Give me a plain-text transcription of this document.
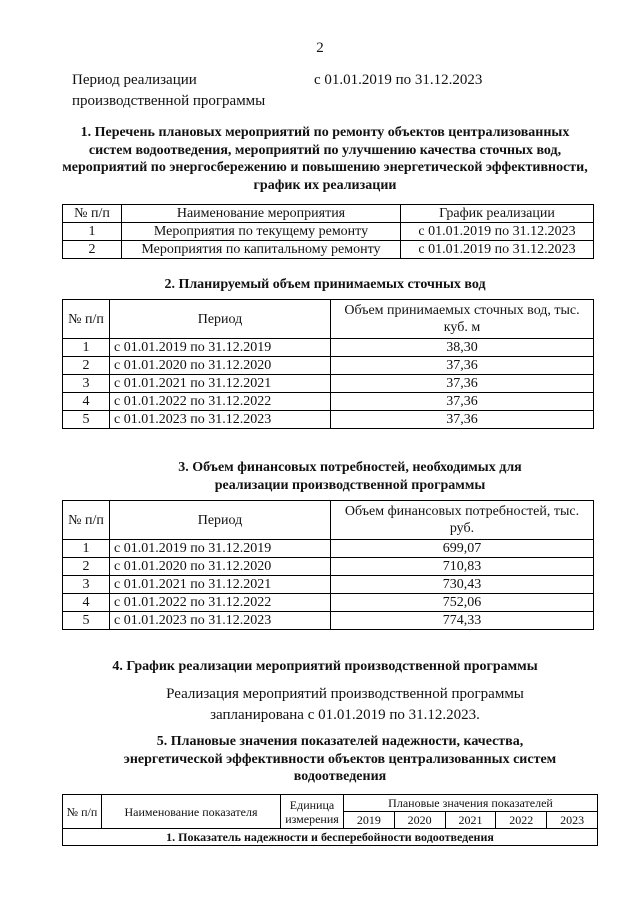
2
Период реализации производственной программы
с 01.01.2019 по 31.12.2023
1. Перечень плановых мероприятий по ремонту объектов централизованных систем водоотведения, мероприятий по улучшению качества сточных вод, мероприятий по энергосбережению и повышению энергетической эффективности, график их реализации
№ п/п	Наименование мероприятия	График реализации
1	Мероприятия по текущему ремонту	с 01.01.2019 по 31.12.2023
2	Мероприятия по капитальному ремонту	с 01.01.2019 по 31.12.2023
2. Планируемый объем принимаемых сточных вод
№ п/п	Период	Объем принимаемых сточных вод, тыс. куб. м
1	с 01.01.2019 по 31.12.2019	38,30
2	с 01.01.2020 по 31.12.2020	37,36
3	с 01.01.2021 по 31.12.2021	37,36
4	с 01.01.2022 по 31.12.2022	37,36
5	с 01.01.2023 по 31.12.2023	37,36
3. Объем финансовых потребностей, необходимых для реализации производственной программы
№ п/п	Период	Объем финансовых потребностей, тыс. руб.
1	с 01.01.2019 по 31.12.2019	699,07
2	с 01.01.2020 по 31.12.2020	710,83
3	с 01.01.2021 по 31.12.2021	730,43
4	с 01.01.2022 по 31.12.2022	752,06
5	с 01.01.2023 по 31.12.2023	774,33
4. График реализации мероприятий производственной программы
Реализация мероприятий производственной программы запланирована с 01.01.2019 по 31.12.2023.
5. Плановые значения показателей надежности, качества, энергетической эффективности объектов централизованных систем водоотведения
№ п/п	Наименование показателя	Единица измерения	Плановые значения показателей				
			2019	2020	2021	2022	2023
1. Показатель надежности и бесперебойности водоотведения							
